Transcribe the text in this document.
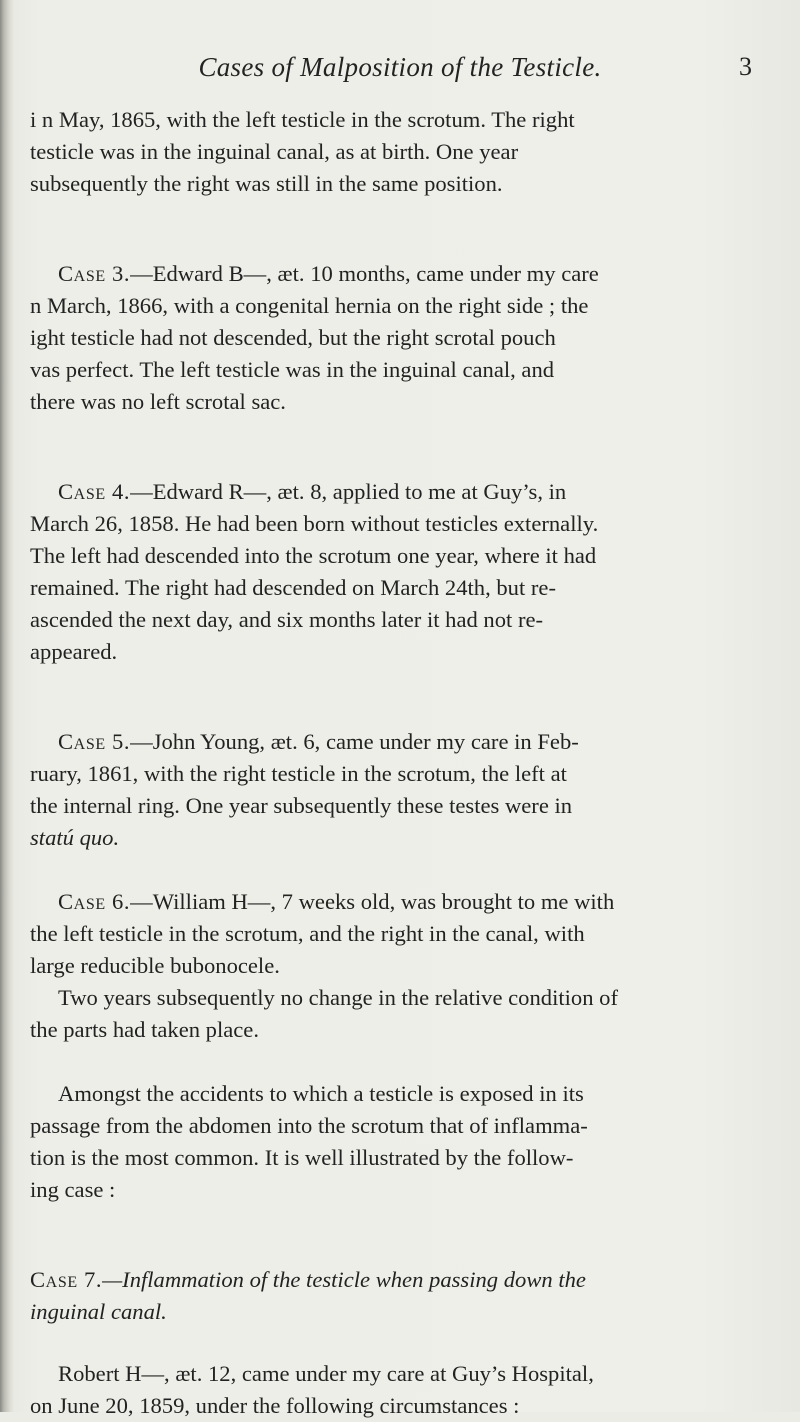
Cases of Malposition of the Testicle.	3

i n May, 1865, with the left testicle in the scrotum. The right
testicle was in the inguinal canal, as at birth. One year
subsequently the right was still in the same position.

Case 3.—Edward B—, æt. 10 months, came under my care
n March, 1866, with a congenital hernia on the right side ; the
ight testicle had not descended, but the right scrotal pouch
vas perfect. The left testicle was in the inguinal canal, and
there was no left scrotal sac.

Case 4.—Edward R—, æt. 8, applied to me at Guy’s, in
March 26, 1858. He had been born without testicles externally.
The left had descended into the scrotum one year, where it had
remained. The right had descended on March 24th, but re-
ascended the next day, and six months later it had not re-
appeared.

Case 5.—John Young, æt. 6, came under my care in Feb-
ruary, 1861, with the right testicle in the scrotum, the left at
the internal ring. One year subsequently these testes were in
statú quo.

Case 6.—William H—, 7 weeks old, was brought to me with
the left testicle in the scrotum, and the right in the canal, with
large reducible bubonocele.
Two years subsequently no change in the relative condition of
the parts had taken place.

Amongst the accidents to which a testicle is exposed in its
passage from the abdomen into the scrotum that of inflamma-
tion is the most common. It is well illustrated by the follow-
ing case :

Case 7.—Inflammation of the testicle when passing down the
inguinal canal.

Robert H—, æt. 12, came under my care at Guy’s Hospital,
on June 20, 1859, under the following circumstances :
